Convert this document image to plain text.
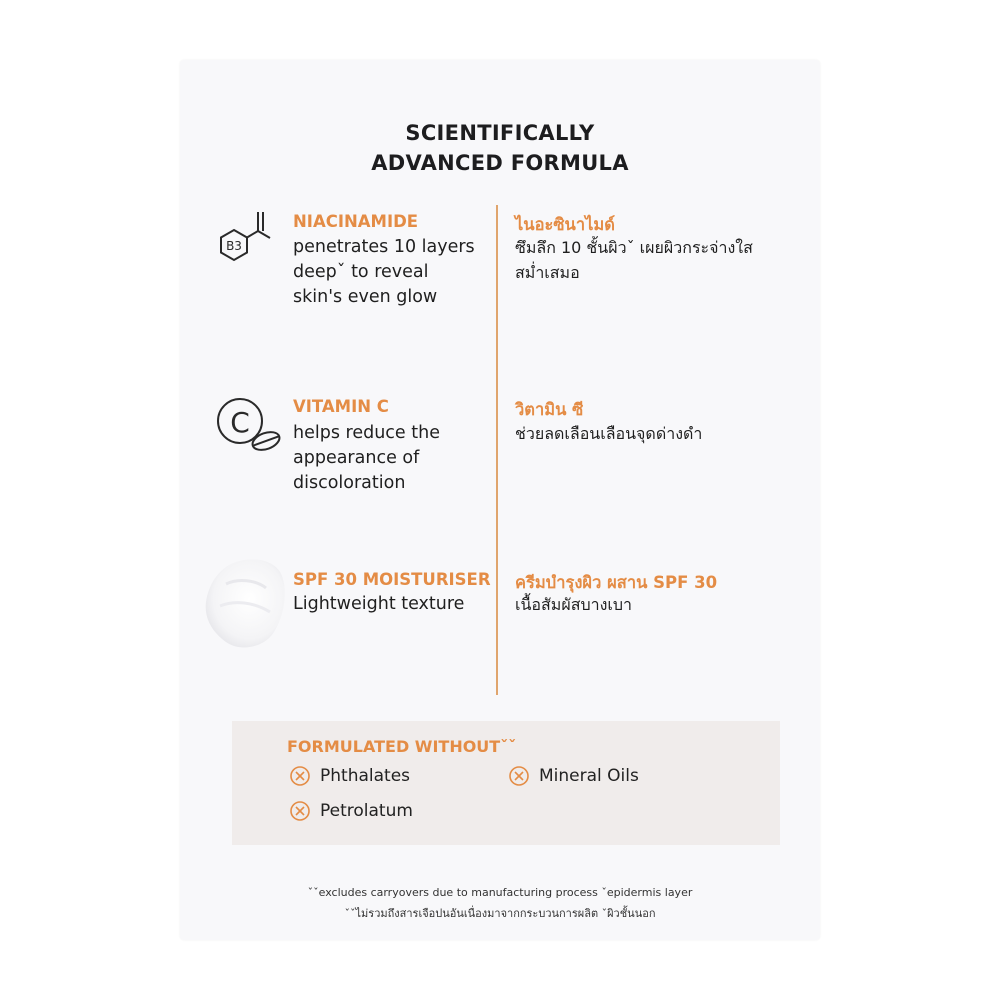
SCIENTIFICALLY
ADVANCED FORMULA
B3
NIACINAMIDE
penetrates 10 layers
deepˇ to reveal
skin's even glow
ไนอะซินาไมด์
ซึมลึก 10 ชั้นผิวˇ เผยผิวกระจ่างใส
สม่ำเสมอ
C	VITAMIN C
helps reduce the
appearance of
discoloration
วิตามิน ซี
ช่วยลดเลือนเลือนจุดด่างดำ
SPF 30 MOISTURISER
Lightweight texture
ครีมบำรุงผิว ผสาน SPF 30
เนื้อสัมผัสบางเบา
FORMULATED WITHOUTˇˇ
Phthalates	Mineral Oils
Petrolatum
ˇˇexcludes carryovers due to manufacturing process ˇepidermis layer
ˇˇไม่รวมถึงสารเจือปนอันเนื่องมาจากกระบวนการผลิต ˇผิวชั้นนอก
